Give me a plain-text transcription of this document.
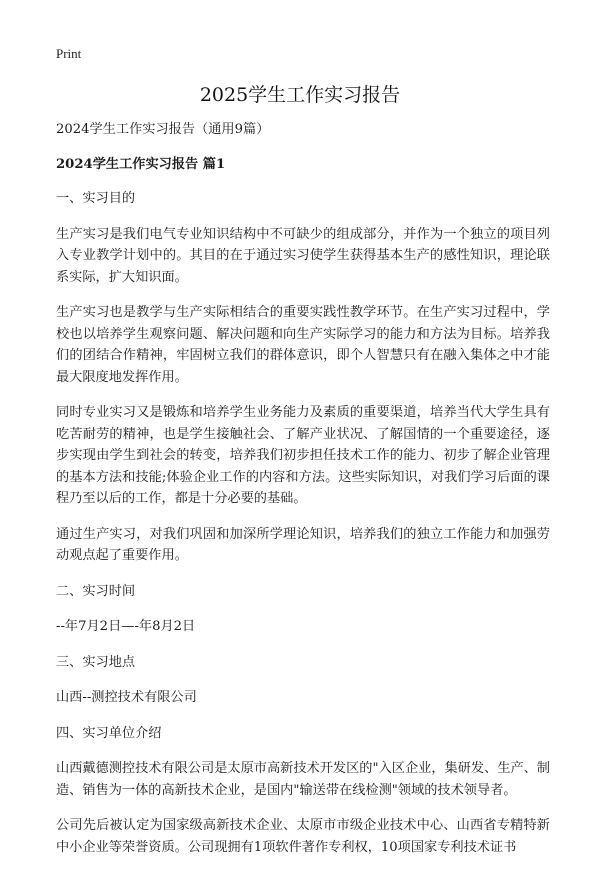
Print
2025学生工作实习报告

2024学生工作实习报告（通用9篇）

2024学生工作实习报告 篇1

一、实习目的

生产实习是我们电气专业知识结构中不可缺少的组成部分，并作为一个独立的项目列入专业教学计划中的。其目的在于通过实习使学生获得基本生产的感性知识，理论联系实际，扩大知识面。

生产实习也是教学与生产实际相结合的重要实践性教学环节。在生产实习过程中，学校也以培养学生观察问题、解决问题和向生产实际学习的能力和方法为目标。培养我们的团结合作精神，牢固树立我们的群体意识，即个人智慧只有在融入集体之中才能最大限度地发挥作用。

同时专业实习又是锻炼和培养学生业务能力及素质的重要渠道，培养当代大学生具有吃苦耐劳的精神，也是学生接触社会、了解产业状况、了解国情的一个重要途径，逐步实现由学生到社会的转变，培养我们初步担任技术工作的能力、初步了解企业管理的基本方法和技能;体验企业工作的内容和方法。这些实际知识，对我们学习后面的课程乃至以后的工作，都是十分必要的基础。

通过生产实习，对我们巩固和加深所学理论知识，培养我们的独立工作能力和加强劳动观点起了重要作用。

二、实习时间

--年7月2日—-年8月2日

三、实习地点

山西--测控技术有限公司

四、实习单位介绍

山西戴德测控技术有限公司是太原市高新技术开发区的"入区企业，集研发、生产、制造、销售为一体的高新技术企业，是国内"输送带在线检测"领域的技术领导者。

公司先后被认定为国家级高新技术企业、太原市市级企业技术中心、山西省专精特新中小企业等荣誉资质。公司现拥有1项软件著作专利权，10项国家专利技术证书
